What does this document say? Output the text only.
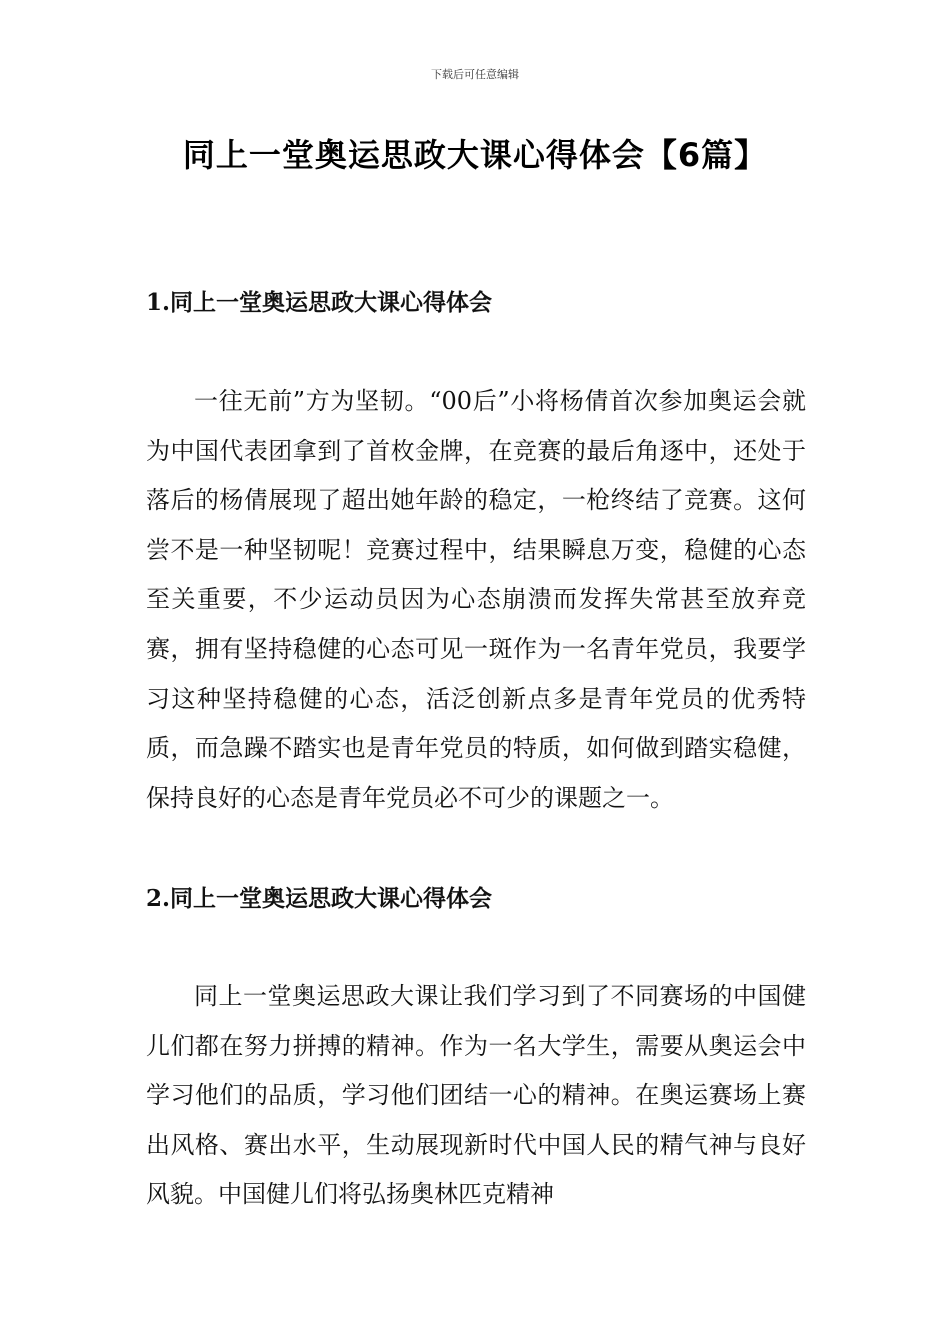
下载后可任意编辑
同上一堂奥运思政大课心得体会【6篇】
1.同上一堂奥运思政大课心得体会

一往无前”方为坚韧。“00后”小将杨倩首次参加奥运会就为中国代表团拿到了首枚金牌，在竞赛的最后角逐中，还处于落后的杨倩展现了超出她年龄的稳定，一枪终结了竞赛。这何尝不是一种坚韧呢！竞赛过程中，结果瞬息万变，稳健的心态至关重要，不少运动员因为心态崩溃而发挥失常甚至放弃竞赛，拥有坚持稳健的心态可见一斑作为一名青年党员，我要学习这种坚持稳健的心态，活泛创新点多是青年党员的优秀特质，而急躁不踏实也是青年党员的特质，如何做到踏实稳健，保持良好的心态是青年党员必不可少的课题之一。

2.同上一堂奥运思政大课心得体会

同上一堂奥运思政大课让我们学习到了不同赛场的中国健儿们都在努力拼搏的精神。作为一名大学生，需要从奥运会中学习他们的品质，学习他们团结一心的精神。在奥运赛场上赛出风格、赛出水平，生动展现新时代中国人民的精气神与良好风貌。中国健儿们将弘扬奥林匹克精神
